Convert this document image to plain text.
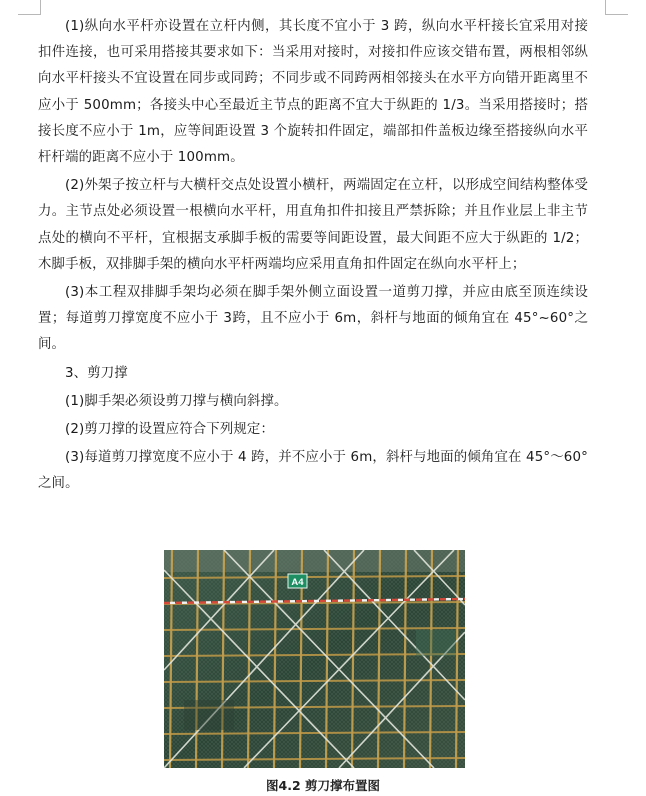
(1)纵向水平杆亦设置在立杆内侧，其长度不宜小于 3 跨，纵向水平杆接长宜采用对接扣件连接，也可采用搭接其要求如下：当采用对接时，对接扣件应该交错布置，两根相邻纵向水平杆接头不宜设置在同步或同跨；不同步或不同跨两相邻接头在水平方向错开距离里不应小于 500mm；各接头中心至最近主节点的距离不宜大于纵距的 1/3。当采用搭接时；搭接长度不应小于 1m，应等间距设置 3 个旋转扣件固定，端部扣件盖板边缘至搭接纵向水平杆杆端的距离不应小于 100mm。

(2)外架子按立杆与大横杆交点处设置小横杆，两端固定在立杆，以形成空间结构整体受力。主节点处必须设置一根横向水平杆，用直角扣件扣接且严禁拆除；并且作业层上非主节点处的横向不平杆，宜根据支承脚手板的需要等间距设置，最大间距不应大于纵距的 1/2；木脚手板，双排脚手架的横向水平杆两端均应采用直角扣件固定在纵向水平杆上；

(3)本工程双排脚手架均必须在脚手架外侧立面设置一道剪刀撑，并应由底至顶连续设置；每道剪刀撑宽度不应小于 3跨，且不应小于 6m，斜杆与地面的倾角宜在 45°~60°之间。

3、剪刀撑

(1)脚手架必须设剪刀撑与横向斜撑。

(2)剪刀撑的设置应符合下列规定：

(3)每道剪刀撑宽度不应小于 4 跨，并不应小于 6m，斜杆与地面的倾角宜在 45°～60°之间。

A4
图4.2 剪刀撑布置图
